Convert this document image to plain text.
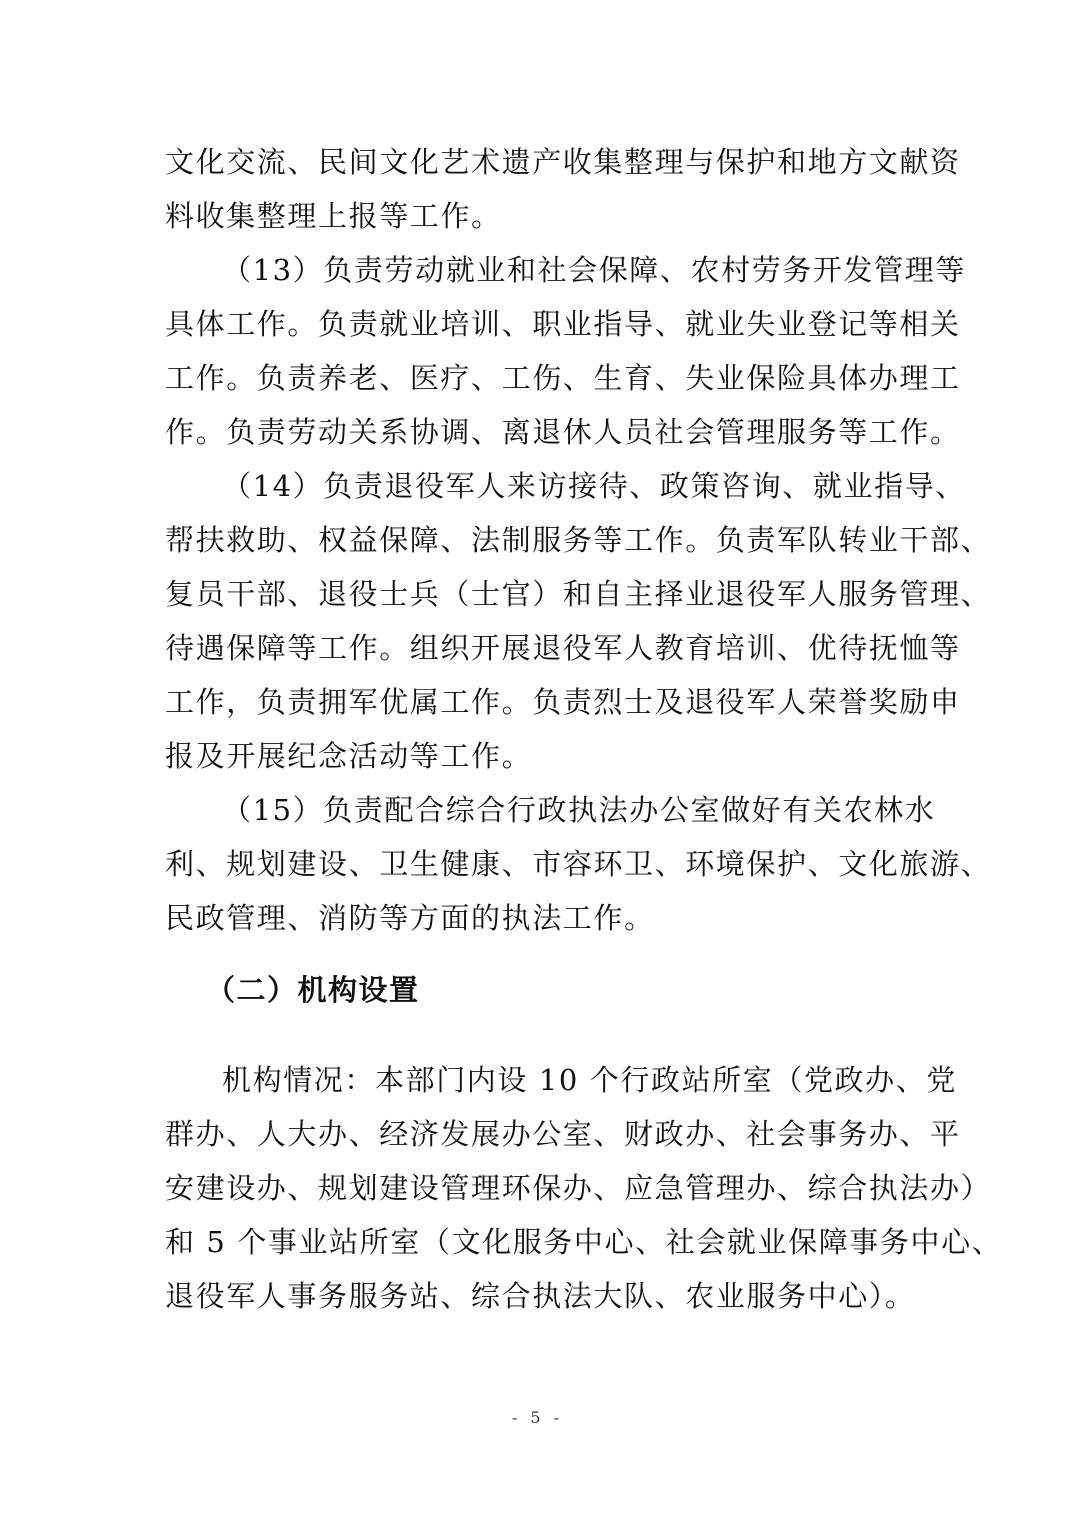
文化交流、民间文化艺术遗产收集整理与保护和地方文献资
料收集整理上报等工作。
（13）负责劳动就业和社会保障、农村劳务开发管理等
具体工作。负责就业培训、职业指导、就业失业登记等相关
工作。负责养老、医疗、工伤、生育、失业保险具体办理工
作。负责劳动关系协调、离退休人员社会管理服务等工作。
（14）负责退役军人来访接待、政策咨询、就业指导、
帮扶救助、权益保障、法制服务等工作。负责军队转业干部、
复员干部、退役士兵（士官）和自主择业退役军人服务管理、
待遇保障等工作。组织开展退役军人教育培训、优待抚恤等
工作，负责拥军优属工作。负责烈士及退役军人荣誉奖励申
报及开展纪念活动等工作。
（15）负责配合综合行政执法办公室做好有关农林水
利、规划建设、卫生健康、市容环卫、环境保护、文化旅游、
民政管理、消防等方面的执法工作。
（二）机构设置
机构情况：本部门内设 10 个行政站所室（党政办、党
群办、人大办、经济发展办公室、财政办、社会事务办、平
安建设办、规划建设管理环保办、应急管理办、综合执法办）
和 5 个事业站所室（文化服务中心、社会就业保障事务中心、
退役军人事务服务站、综合执法大队、农业服务中心）。
- 5 -
